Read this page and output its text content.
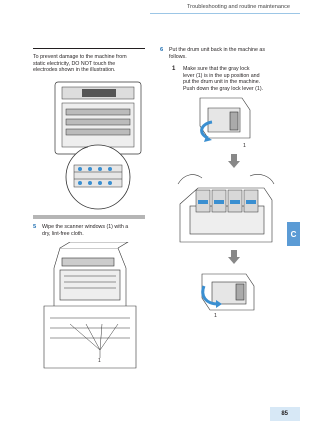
Troubleshooting and routine maintenance
C
To prevent damage to the machine from
static electricity, DO NOT touch the
electrodes shown in the illustration.
5 Wipe the scanner windows (1) with a
dry, lint-free cloth.
1
6 Put the drum unit back in the machine as
follows.
1 Make sure that the gray lock
lever (1) is in the up position and
put the drum unit in the machine.
Push down the gray lock lever (1).
1
1
85
